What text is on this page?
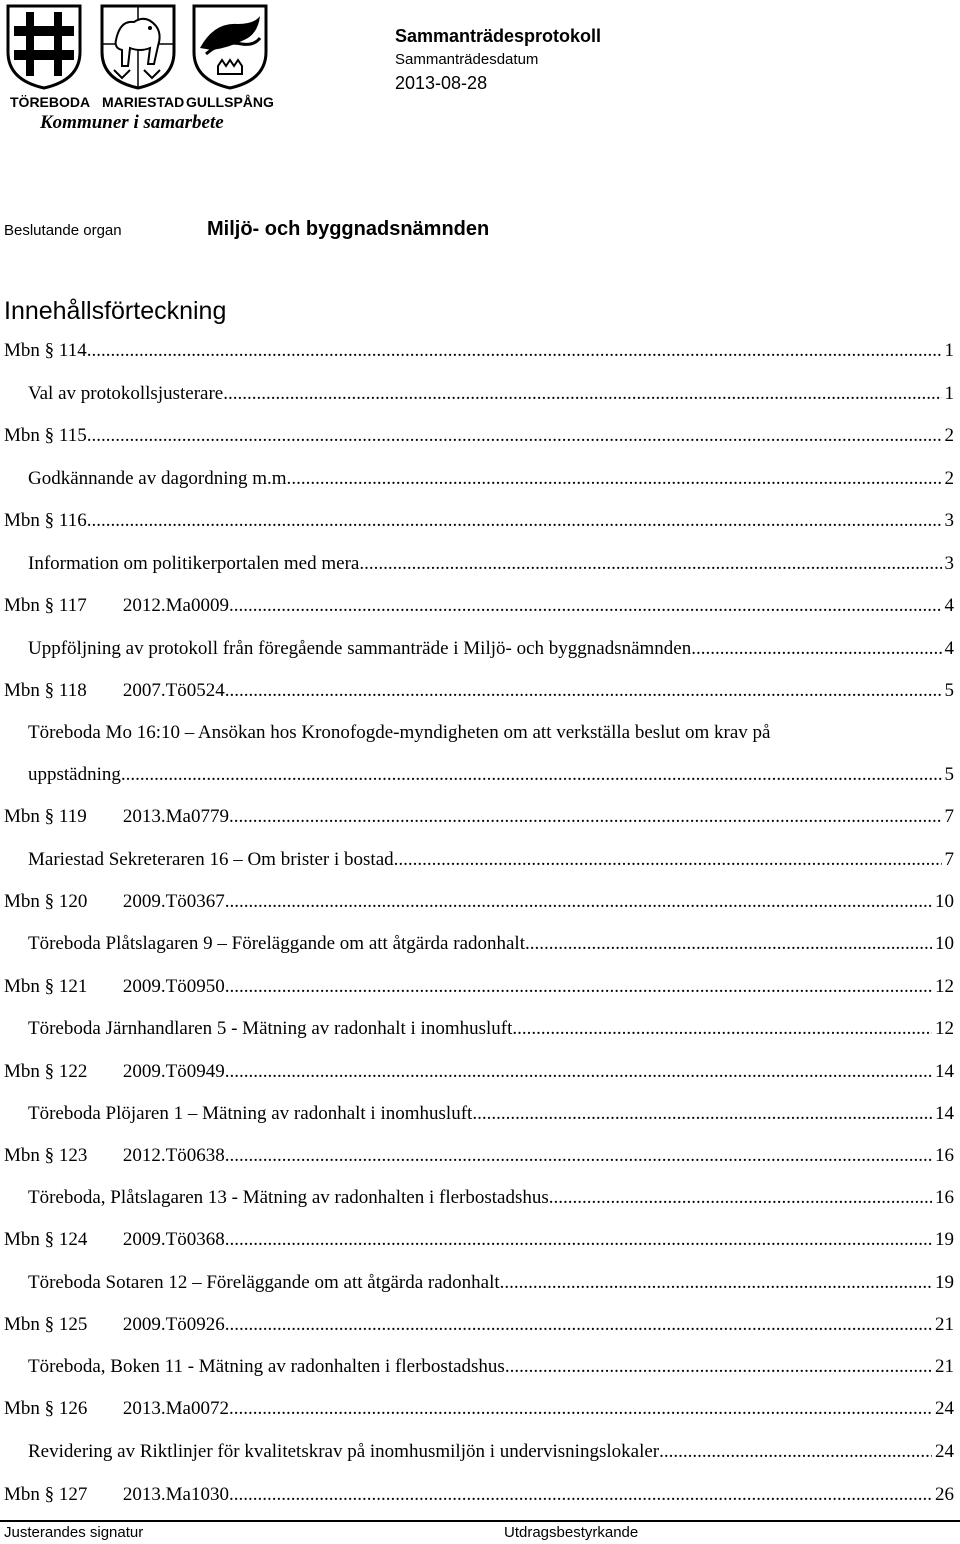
TÖREBODA MARIESTAD GULLSPÅNG
Kommuner i samarbete
Sammanträdesprotokoll
Sammanträdesdatum
2013-08-28
Beslutande organ	Miljö- och byggnadsnämnden
Innehållsförteckning
Mbn § 114. .....	1
Val av protokollsjusterare .....	1
Mbn § 115. .....	2
Godkännande av dagordning m.m. .....	2
Mbn § 116. .....	3
Information om politikerportalen med mera .....	3
Mbn § 117 2012.Ma0009. .....	4
Uppföljning av protokoll från föregående sammanträde i Miljö- och byggnadsnämnden .....	4
Mbn § 118 2007.Tö0524. .....	5
Töreboda Mo 16:10 – Ansökan hos Kronofogde-myndigheten om att verkställa beslut om krav på
uppstädning .....	5
Mbn § 119 2013.Ma0779. .....	7
Mariestad Sekreteraren 16 – Om brister i bostad .....	7
Mbn § 120 2009.Tö0367. .....	10
Töreboda Plåtslagaren 9 – Föreläggande om att åtgärda radonhalt .....	10
Mbn § 121 2009.Tö0950. .....	12
Töreboda Järnhandlaren 5 - Mätning av radonhalt i inomhusluft .....	12
Mbn § 122 2009.Tö0949. .....	14
Töreboda Plöjaren 1 – Mätning av radonhalt i inomhusluft .....	14
Mbn § 123 2012.Tö0638. .....	16
Töreboda, Plåtslagaren 13 - Mätning av radonhalten i flerbostadshus .....	16
Mbn § 124 2009.Tö0368. .....	19
Töreboda Sotaren 12 – Föreläggande om att åtgärda radonhalt .....	19
Mbn § 125 2009.Tö0926. .....	21
Töreboda, Boken 11 - Mätning av radonhalten i flerbostadshus .....	21
Mbn § 126 2013.Ma0072. .....	24
Revidering av Riktlinjer för kvalitetskrav på inomhusmiljön i undervisningslokaler .....	24
Mbn § 127 2013.Ma1030. .....	26
Justerandes signatur	Utdragsbestyrkande
